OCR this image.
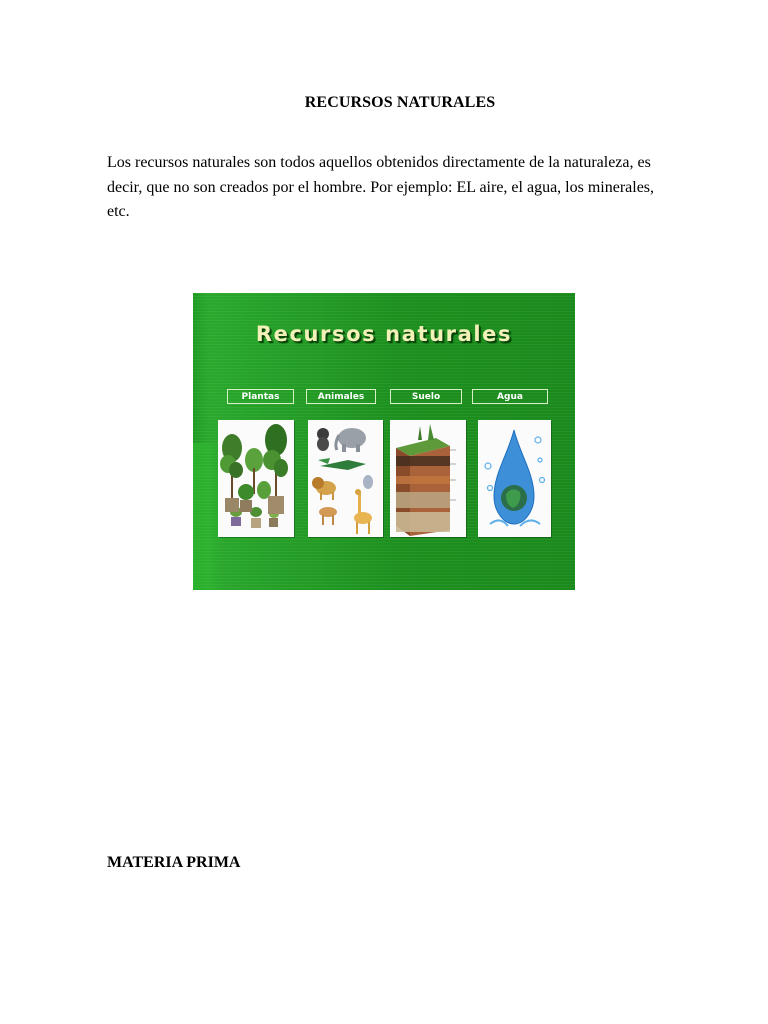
RECURSOS NATURALES

Los recursos naturales son todos aquellos obtenidos directamente de la naturaleza, es decir, que no son creados por el hombre. Por ejemplo: EL aire, el agua, los minerales, etc.

Recursos naturales
Plantas	Animales	Suelo	Agua
MATERIA PRIMA
